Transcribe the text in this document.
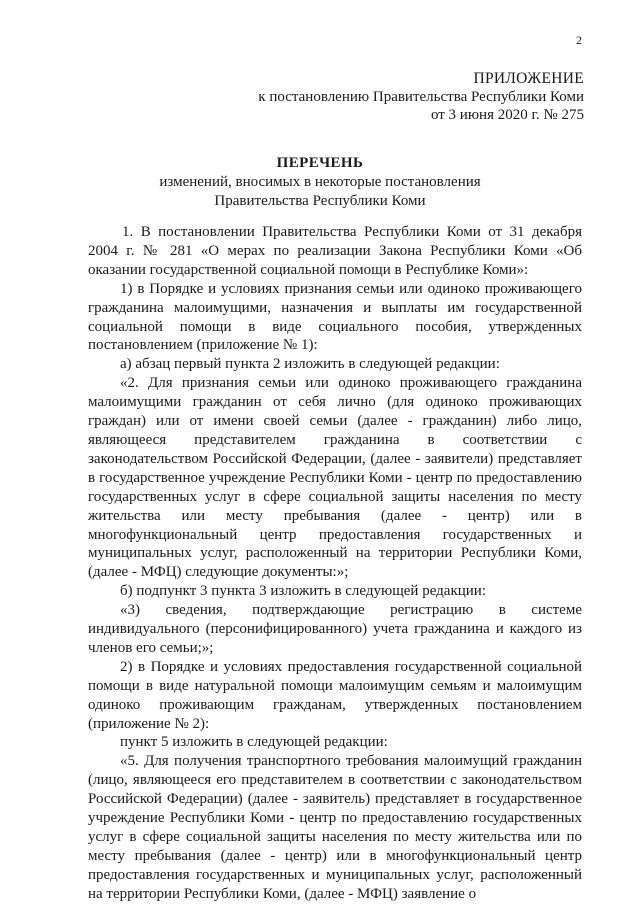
2
ПРИЛОЖЕНИЕ
к постановлению Правительства Республики Коми
от 3 июня 2020 г. № 275
ПЕРЕЧЕНЬ
изменений, вносимых в некоторые постановления
Правительства Республики Коми

1. В постановлении Правительства Республики Коми от 31 декабря 2004 г. № 281 «О мерах по реализации Закона Республики Коми «Об оказании государственной социальной помощи в Республике Коми»:

1) в Порядке и условиях признания семьи или одиноко проживающего гражданина малоимущими, назначения и выплаты им государственной социальной помощи в виде социального пособия, утвержденных постановлением (приложение № 1):

а) абзац первый пункта 2 изложить в следующей редакции:

«2. Для признания семьи или одиноко проживающего гражданина малоимущими гражданин от себя лично (для одиноко проживающих граждан) или от имени своей семьи (далее - гражданин) либо лицо, являющееся представителем гражданина в соответствии с законодательством Российской Федерации, (далее - заявители) представляет в государственное учреждение Республики Коми - центр по предоставлению государственных услуг в сфере социальной защиты населения по месту жительства или месту пребывания (далее - центр) или в многофункциональный центр предоставления государственных и муниципальных услуг, расположенный на территории Республики Коми, (далее - МФЦ) следующие документы:»;

б) подпункт 3 пункта 3 изложить в следующей редакции:

«3) сведения, подтверждающие регистрацию в системе индивидуального (персонифицированного) учета гражданина и каждого из членов его семьи;»;

2) в Порядке и условиях предоставления государственной социальной помощи в виде натуральной помощи малоимущим семьям и малоимущим одиноко проживающим гражданам, утвержденных постановлением (приложение № 2):

пункт 5 изложить в следующей редакции:

«5. Для получения транспортного требования малоимущий гражданин (лицо, являющееся его представителем в соответствии с законодательством Российской Федерации) (далее - заявитель) представляет в государственное учреждение Республики Коми - центр по предоставлению государственных услуг в сфере социальной защиты населения по месту жительства или по месту пребывания (далее - центр) или в многофункциональный центр предоставления государственных и муниципальных услуг, расположенный на территории Республики Коми, (далее - МФЦ) заявление о
